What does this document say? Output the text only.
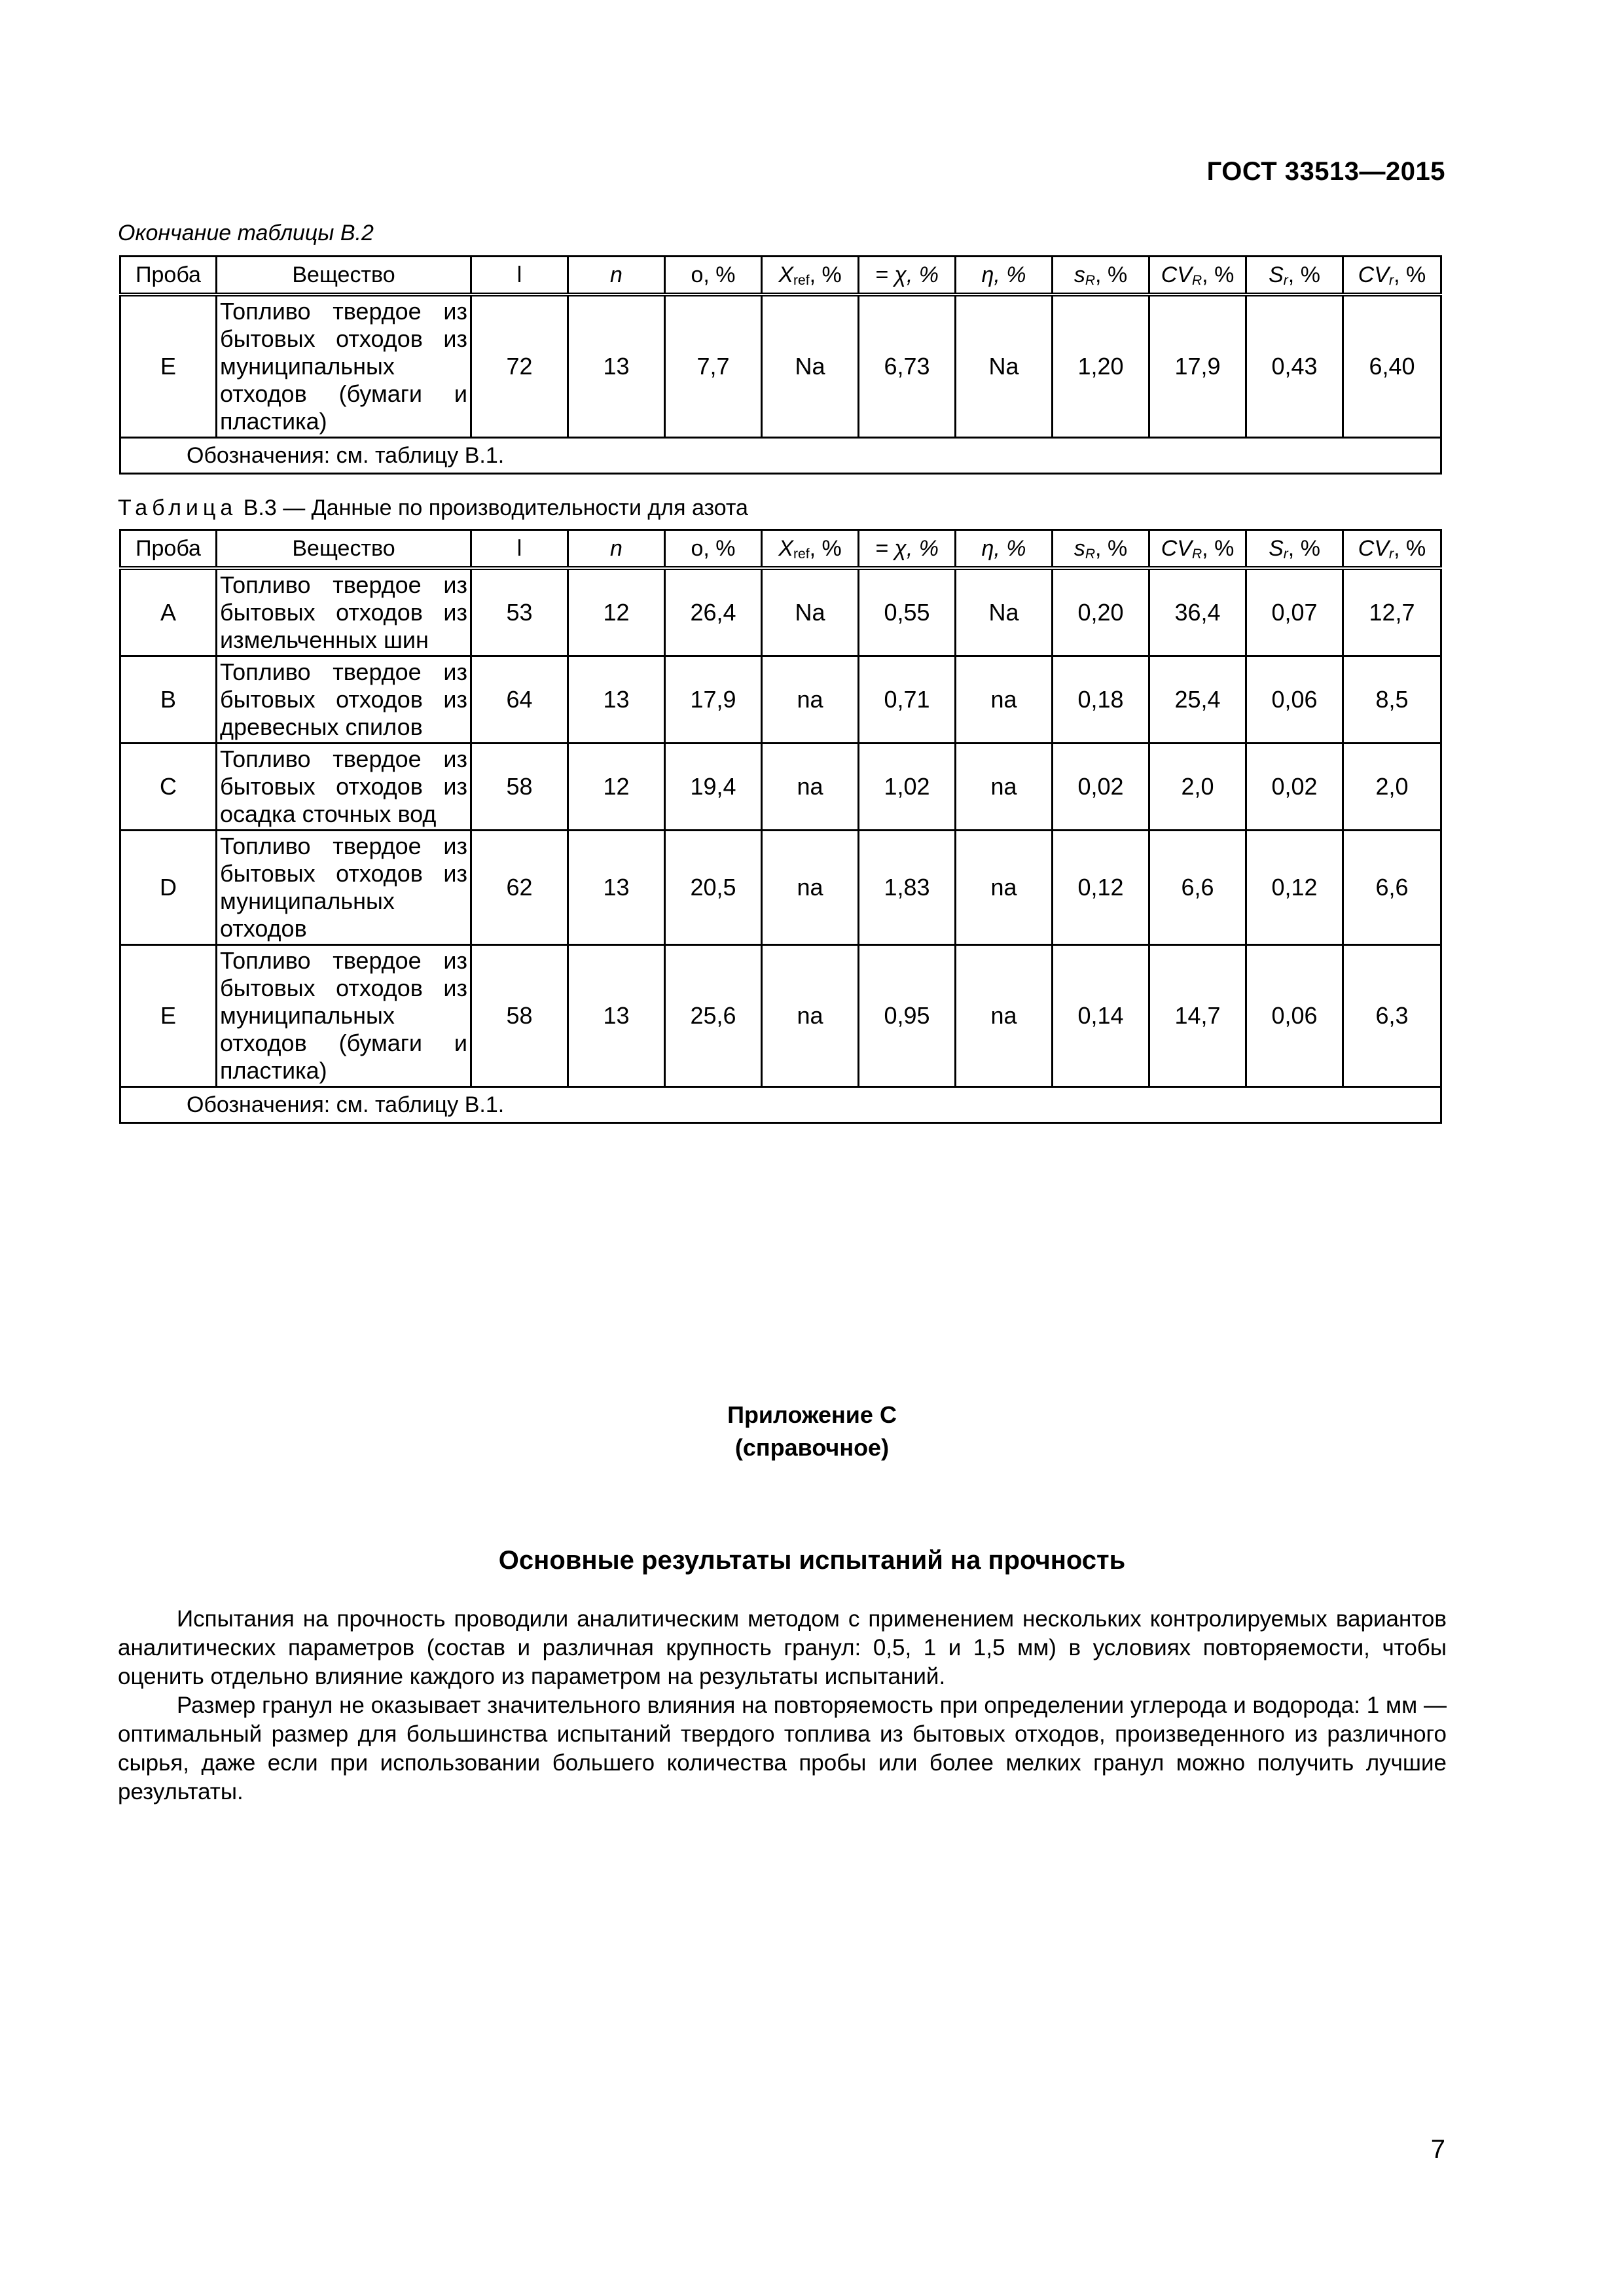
ГОСТ 33513—2015
Окончание таблицы В.2
Проба	Вещество	l	n	o, %	$X_{ref}$, %	= χ, %	η, %	$s_R$, %	$CV_R$, %	$S_r$, %	$CV_r$, %
E	Топливо твердое из бытовых отходов из муниципальных отходов (бумаги и пластика)	72	13	7,7	Na	6,73	Na	1,20	17,9	0,43	6,40
Обозначения: см. таблицу В.1.											
Таблица В.3 — Данные по производительности для азота
Проба	Вещество	l	n	o, %	$X_{ref}$, %	= χ, %	η, %	$s_R$, %	$CV_R$, %	$S_r$, %	$CV_r$, %
A	Топливо твердое из бытовых отходов из измельченных шин	53	12	26,4	Na	0,55	Na	0,20	36,4	0,07	12,7
B	Топливо твердое из бытовых отходов из древесных спилов	64	13	17,9	na	0,71	na	0,18	25,4	0,06	8,5
C	Топливо твердое из бытовых отходов из осадка сточных вод	58	12	19,4	na	1,02	na	0,02	2,0	0,02	2,0
D	Топливо твердое из бытовых отходов из муниципальных отходов	62	13	20,5	na	1,83	na	0,12	6,6	0,12	6,6
E	Топливо твердое из бытовых отходов из муниципальных отходов (бумаги и пластика)	58	13	25,6	na	0,95	na	0,14	14,7	0,06	6,3
Обозначения: см. таблицу В.1.											
Приложение С
(справочное)
Основные результаты испытаний на прочность

Испытания на прочность проводили аналитическим методом с применением нескольких контролируемых вариантов аналитических параметров (состав и различная крупность гранул: 0,5, 1 и 1,5 мм) в условиях повторяемости, чтобы оценить отдельно влияние каждого из параметром на результаты испытаний.

Размер гранул не оказывает значительного влияния на повторяемость при определении углерода и водорода: 1 мм — оптимальный размер для большинства испытаний твердого топлива из бытовых отходов, произведенного из различного сырья, даже если при использовании большего количества пробы или более мелких гранул можно получить лучшие результаты.

7
